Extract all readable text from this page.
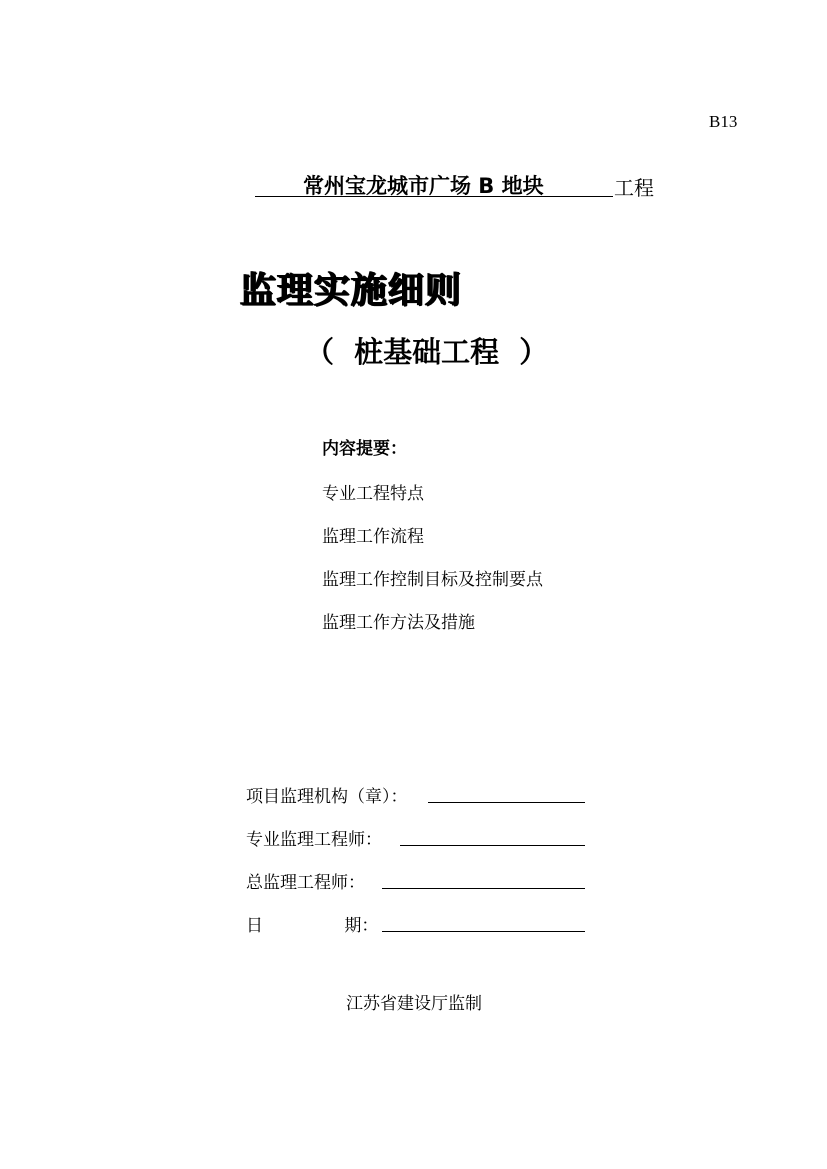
B13
常州宝龙城市广场 B 地块	工程
监理实施细则
（ 桩基础工程 ）
内容提要：
专业工程特点
监理工作流程
监理工作控制目标及控制要点
监理工作方法及措施
项目监理机构（章）：
专业监理工程师：
总监理工程师：
日	期：
江苏省建设厅监制
